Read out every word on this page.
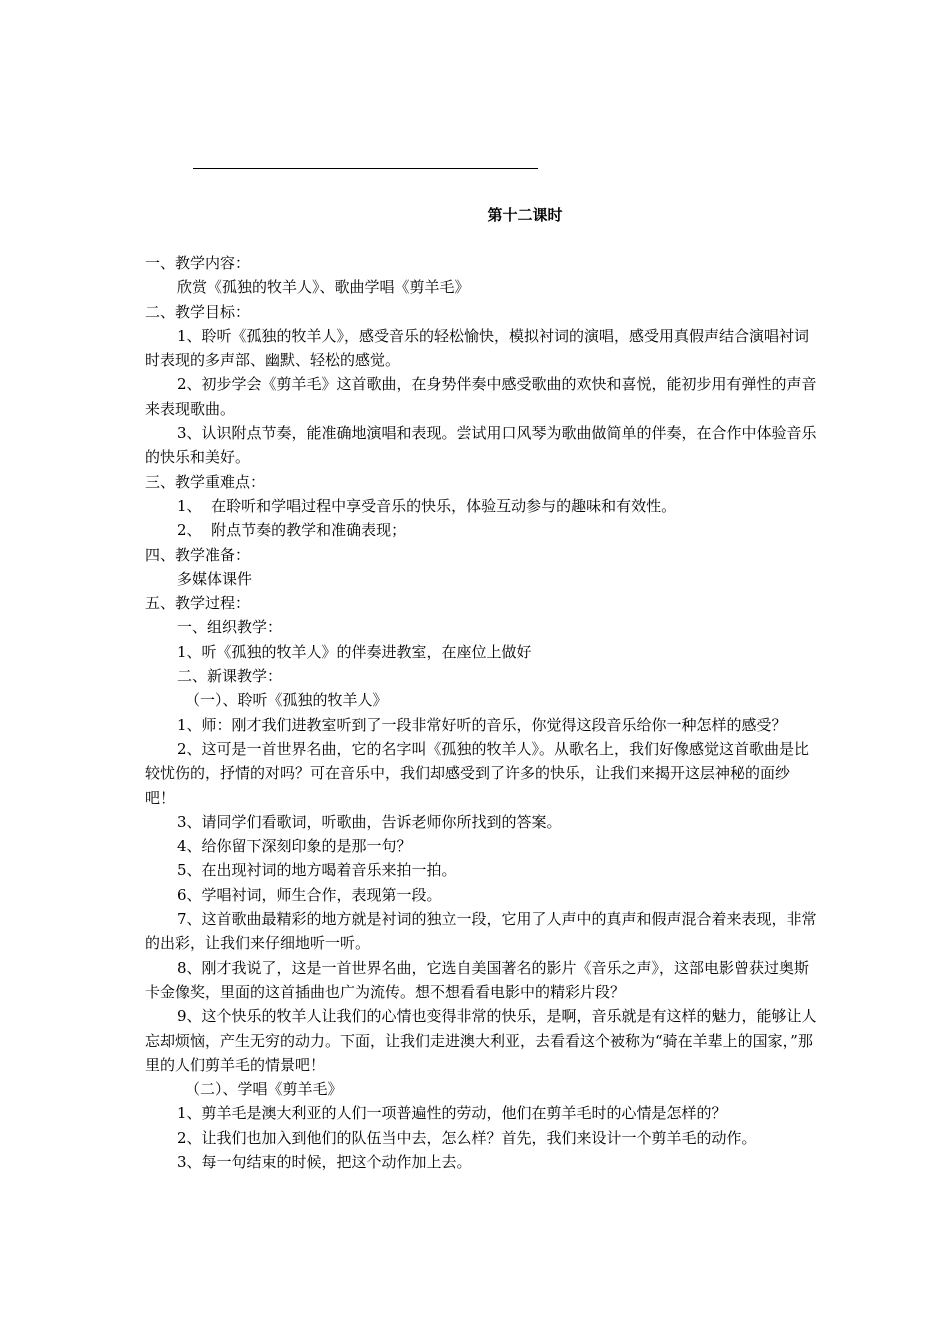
第十二课时

一、教学内容：

欣赏《孤独的牧羊人》、歌曲学唱《剪羊毛》

二、教学目标：

1、聆听《孤独的牧羊人》，感受音乐的轻松愉快，模拟衬词的演唱，感受用真假声结合演唱衬词时表现的多声部、幽默、轻松的感觉。

2、初步学会《剪羊毛》这首歌曲，在身势伴奏中感受歌曲的欢快和喜悦，能初步用有弹性的声音来表现歌曲。

3、认识附点节奏，能准确地演唱和表现。尝试用口风琴为歌曲做简单的伴奏，在合作中体验音乐的快乐和美好。

三、教学重难点：

1、  在聆听和学唱过程中享受音乐的快乐，体验互动参与的趣味和有效性。

2、  附点节奏的教学和准确表现；

四、教学准备：

多媒体课件

五、教学过程：

一、组织教学：

1、听《孤独的牧羊人》的伴奏进教室，在座位上做好

二、新课教学：

（一）、聆听《孤独的牧羊人》

1、师：刚才我们进教室听到了一段非常好听的音乐，你觉得这段音乐给你一种怎样的感受？

2、这可是一首世界名曲，它的名字叫《孤独的牧羊人》。从歌名上，我们好像感觉这首歌曲是比较忧伤的，抒情的对吗？可在音乐中，我们却感受到了许多的快乐，让我们来揭开这层神秘的面纱吧！

3、请同学们看歌词，听歌曲，告诉老师你所找到的答案。

4、给你留下深刻印象的是那一句？

5、在出现衬词的地方喝着音乐来拍一拍。

6、学唱衬词，师生合作，表现第一段。

7、这首歌曲最精彩的地方就是衬词的独立一段，它用了人声中的真声和假声混合着来表现，非常的出彩，让我们来仔细地听一听。

8、刚才我说了，这是一首世界名曲，它选自美国著名的影片《音乐之声》，这部电影曾获过奥斯卡金像奖，里面的这首插曲也广为流传。想不想看看电影中的精彩片段？

9、这个快乐的牧羊人让我们的心情也变得非常的快乐，是啊，音乐就是有这样的魅力，能够让人忘却烦恼，产生无穷的动力。下面，让我们走进澳大利亚，去看看这个被称为“骑在羊辈上的国家，”那里的人们剪羊毛的情景吧！

（二）、学唱《剪羊毛》

1、剪羊毛是澳大利亚的人们一项普遍性的劳动，他们在剪羊毛时的心情是怎样的？

2、让我们也加入到他们的队伍当中去，怎么样？首先，我们来设计一个剪羊毛的动作。

3、每一句结束的时候，把这个动作加上去。
